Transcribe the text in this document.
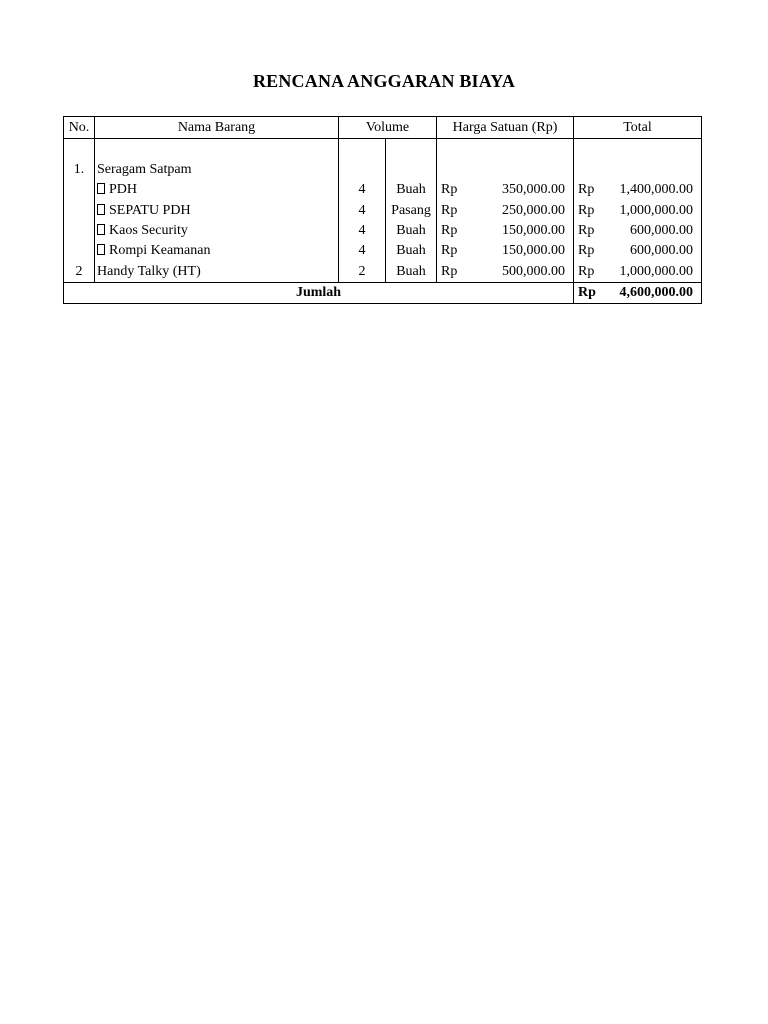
RENCANA ANGGARAN BIAYA
No.	Nama Barang	Volume		Harga Satuan (Rp)		Total	

1.	Seragam Satpam						
	PDH	4	Buah	Rp	350,000.00	Rp	1,400,000.00
	SEPATU PDH	4	Pasang	Rp	250,000.00	Rp	1,000,000.00
	Kaos Security	4	Buah	Rp	150,000.00	Rp	600,000.00
	Rompi Keamanan	4	Buah	Rp	150,000.00	Rp	600,000.00
2	Handy Talky (HT)	2	Buah	Rp	500,000.00	Rp	1,000,000.00
Jumlah						Rp	4,600,000.00
